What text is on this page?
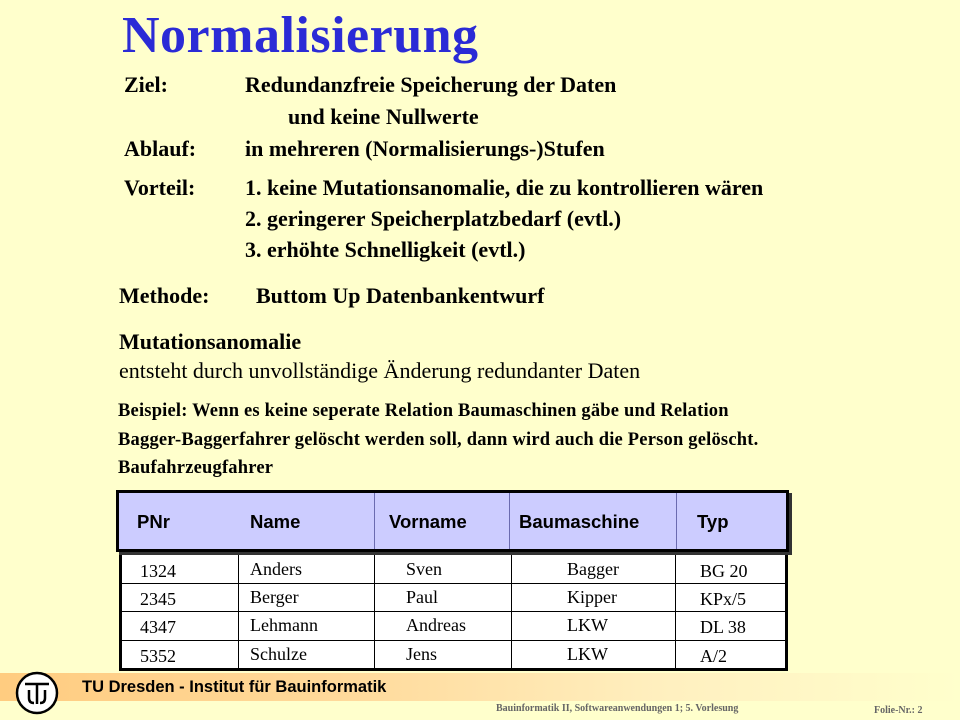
Normalisierung
Ziel:	Redundanzfreie Speicherung der Daten
und keine Nullwerte
Ablauf: in mehreren (Normalisierungs-)Stufen
Vorteil: 1. keine Mutationsanomalie, die zu kontrollieren wären
2. geringerer Speicherplatzbedarf (evtl.)
3. erhöhte Schnelligkeit (evtl.)
Methode: Buttom Up Datenbankentwurf
Mutationsanomalie
entsteht durch unvollständige Änderung redundanter Daten
Beispiel: Wenn es keine seperate Relation Baumaschinen gäbe und Relation
Bagger-Baggerfahrer gelöscht werden soll, dann wird auch die Person gelöscht.
Baufahrzeugfahrer
PNr	Name	Vorname	Baumaschine	Typ
1324	Anders	Sven	Bagger	BG 20
2345	Berger	Paul	Kipper	KPx/5
4347	Lehmann	Andreas	LKW	DL 38
5352	Schulze	Jens	LKW	A/2
TU Dresden - Institut für Bauinformatik
Bauinformatik II, Softwareanwendungen 1; 5. Vorlesung	Folie-Nr.: 2
